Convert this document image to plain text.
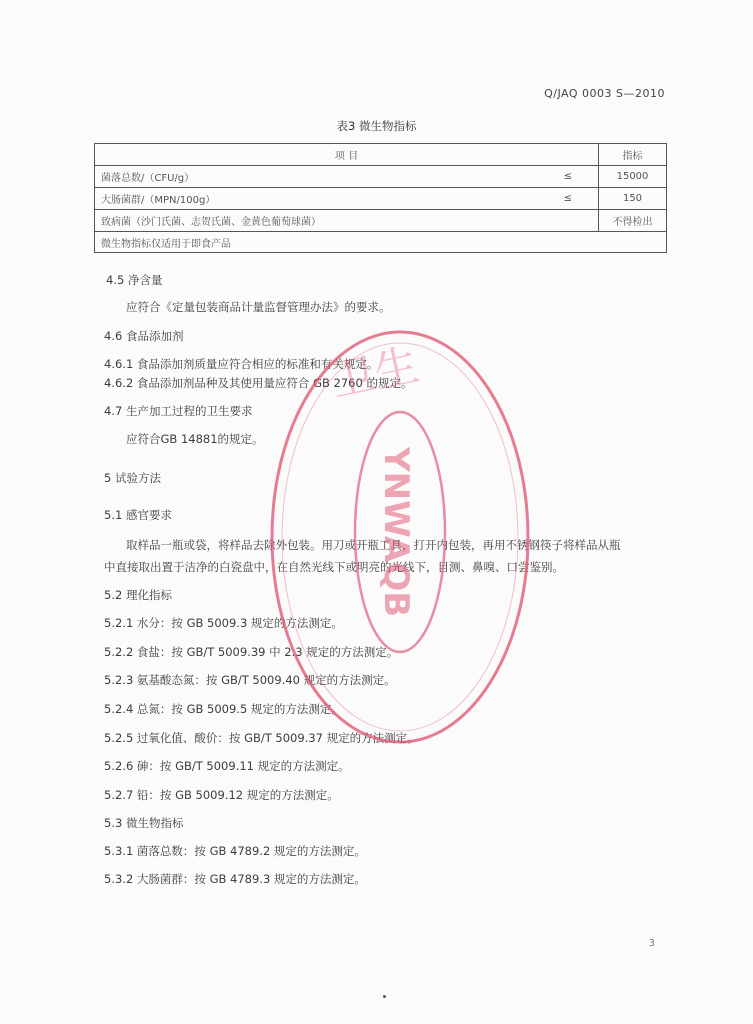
Q/JAQ 0003 S—2010
表3 微生物指标
项 目		指标
菌落总数/（CFU/g）	≤	15000
大肠菌群/（MPN/100g）	≤	150
致病菌（沙门氏菌、志贺氏菌、金黄色葡萄球菌）		不得检出
微生物指标仅适用于即食产品		
4.5 净含量
应符合《定量包装商品计量监督管理办法》的要求。
4.6 食品添加剂
4.6.1 食品添加剂质量应符合相应的标准和有关规定。
4.6.2 食品添加剂品种及其使用量应符合 GB 2760 的规定。
4.7 生产加工过程的卫生要求
应符合GB 14881的规定。
5 试验方法
5.1 感官要求
取样品一瓶或袋，将样品去除外包装。用刀或开瓶工具，打开内包装，再用不锈钢筷子将样品从瓶
中直接取出置于洁净的白瓷盘中，在自然光线下或明亮的光线下，目测、鼻嗅、口尝鉴别。
5.2 理化指标
5.2.1 水分：按 GB 5009.3 规定的方法测定。
5.2.2 食盐：按 GB/T 5009.39 中 2.3 规定的方法测定。
5.2.3 氨基酸态氮：按 GB/T 5009.40 规定的方法测定。
5.2.4 总氮：按 GB 5009.5 规定的方法测定。
5.2.5 过氧化值、酸价：按 GB/T 5009.37 规定的方法测定。
5.2.6 砷：按 GB/T 5009.11 规定的方法测定。
5.2.7 铅：按 GB 5009.12 规定的方法测定。
5.3 微生物指标
5.3.1 菌落总数：按 GB 4789.2 规定的方法测定。
5.3.2 大肠菌群：按 GB 4789.3 规定的方法测定。
卫生
YNWAQB
3
